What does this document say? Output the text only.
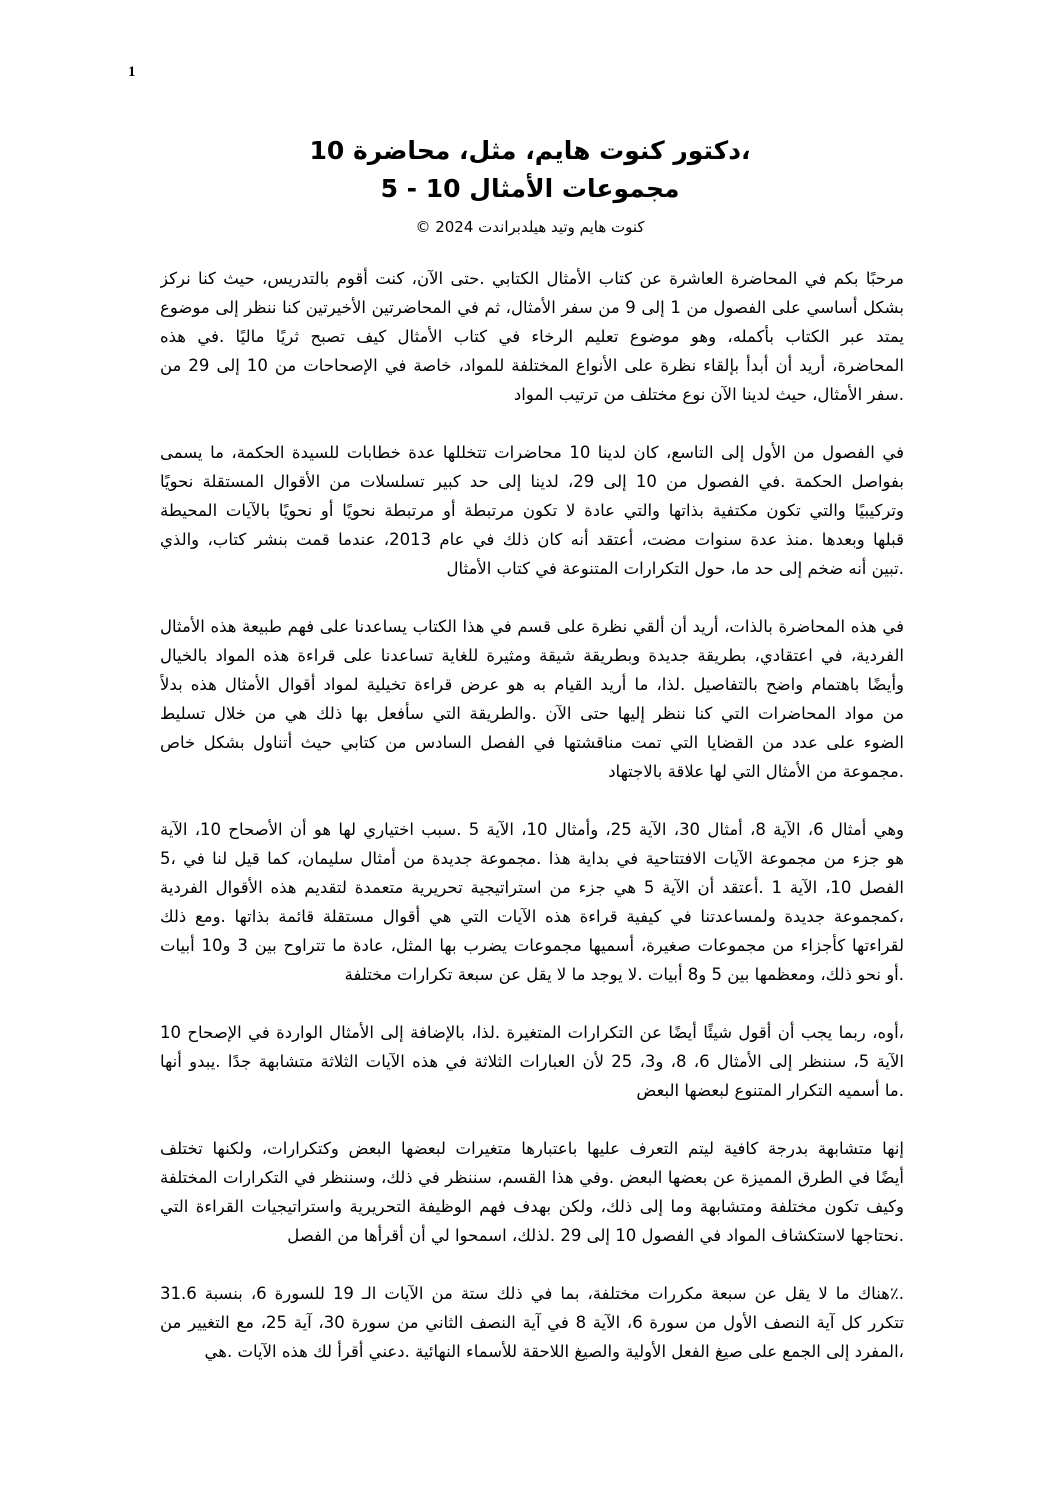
1
،دكتور كنوت هايم، مثل، محاضرة 10
مجموعات الأمثال 10 - 5
كنوت هايم وتيد هيلدبراندت 2024 ©
مرحبًا بكم في المحاضرة العاشرة عن كتاب الأمثال الكتابي .حتى الآن، كنت أقوم بالتدريس، حيث كنا نركز
بشكل أساسي على الفصول من 1 إلى 9 من سفر الأمثال، ثم في المحاضرتين الأخيرتين كنا ننظر إلى موضوع
يمتد عبر الكتاب بأكمله، وهو موضوع تعليم الرخاء في كتاب الأمثال كيف تصبح ثريًا ماليًا .في هذه
المحاضرة، أريد أن أبدأ بإلقاء نظرة على الأنواع المختلفة للمواد، خاصة في الإصحاحات من 10 إلى 29 من
.سفر الأمثال، حيث لدينا الآن نوع مختلف من ترتيب المواد
في الفصول من الأول إلى التاسع، كان لدينا 10 محاضرات تتخللها عدة خطابات للسيدة الحكمة، ما يسمى
بفواصل الحكمة .في الفصول من 10 إلى 29، لدينا إلى حد كبير تسلسلات من الأقوال المستقلة نحويًا
وتركيبيًا والتي تكون مكتفية بذاتها والتي عادة لا تكون مرتبطة أو مرتبطة نحويًا أو نحويًا بالآيات المحيطة
قبلها وبعدها .منذ عدة سنوات مضت، أعتقد أنه كان ذلك في عام 2013، عندما قمت بنشر كتاب، والذي
.تبين أنه ضخم إلى حد ما، حول التكرارات المتنوعة في كتاب الأمثال
في هذه المحاضرة بالذات، أريد أن ألقي نظرة على قسم في هذا الكتاب يساعدنا على فهم طبيعة هذه الأمثال
الفردية، في اعتقادي، بطريقة جديدة وبطريقة شيقة ومثيرة للغاية تساعدنا على قراءة هذه المواد بالخيال
وأيضًا باهتمام واضح بالتفاصيل .لذا، ما أريد القيام به هو عرض قراءة تخيلية لمواد أقوال الأمثال هذه بدلاً
من مواد المحاضرات التي كنا ننظر إليها حتى الآن .والطريقة التي سأفعل بها ذلك هي من خلال تسليط
الضوء على عدد من القضايا التي تمت مناقشتها في الفصل السادس من كتابي حيث أتناول بشكل خاص
.مجموعة من الأمثال التي لها علاقة بالاجتهاد
وهي أمثال 6، الآية 8، أمثال 30، الآية 25، وأمثال 10، الآية 5 .سبب اختياري لها هو أن الأصحاح 10، الآية
هو جزء من مجموعة الآيات الافتتاحية في بداية هذا .مجموعة جديدة من أمثال سليمان، كما قيل لنا في ،5
الفصل 10، الآية 1 .أعتقد أن الآية 5 هي جزء من استراتيجية تحريرية متعمدة لتقديم هذه الأقوال الفردية
،كمجموعة جديدة ولمساعدتنا في كيفية قراءة هذه الآيات التي هي أقوال مستقلة قائمة بذاتها .ومع ذلك
لقراءتها كأجزاء من مجموعات صغيرة، أسميها مجموعات يضرب بها المثل، عادة ما تتراوح بين 3 و10 أبيات
.أو نحو ذلك، ومعظمها بين 5 و8 أبيات .لا يوجد ما لا يقل عن سبعة تكرارات مختلفة
،أوه، ربما يجب أن أقول شيئًا أيضًا عن التكرارات المتغيرة .لذا، بالإضافة إلى الأمثال الواردة في الإصحاح 10
الآية 5، سننظر إلى الأمثال 6، 8، و3، 25 لأن العبارات الثلاثة في هذه الآيات الثلاثة متشابهة جدًا .يبدو أنها
.ما أسميه التكرار المتنوع لبعضها البعض
إنها متشابهة بدرجة كافية ليتم التعرف عليها باعتبارها متغيرات لبعضها البعض وكتكرارات، ولكنها تختلف
أيضًا في الطرق المميزة عن بعضها البعض .وفي هذا القسم، سننظر في ذلك، وسننظر في التكرارات المختلفة
وكيف تكون مختلفة ومتشابهة وما إلى ذلك، ولكن بهدف فهم الوظيفة التحريرية واستراتيجيات القراءة التي
.نحتاجها لاستكشاف المواد في الفصول 10 إلى 29 .لذلك، اسمحوا لي أن أقرأها من الفصل
.٪هناك ما لا يقل عن سبعة مكررات مختلفة، بما في ذلك ستة من الآيات الـ 19 للسورة 6، بنسبة 31.6
تتكرر كل آية النصف الأول من سورة 6، الآية 8 في آية النصف الثاني من سورة 30، آية 25، مع التغيير من
،المفرد إلى الجمع على صيغ الفعل الأولية والصيغ اللاحقة للأسماء النهائية .دعني أقرأ لك هذه الآيات .هي
